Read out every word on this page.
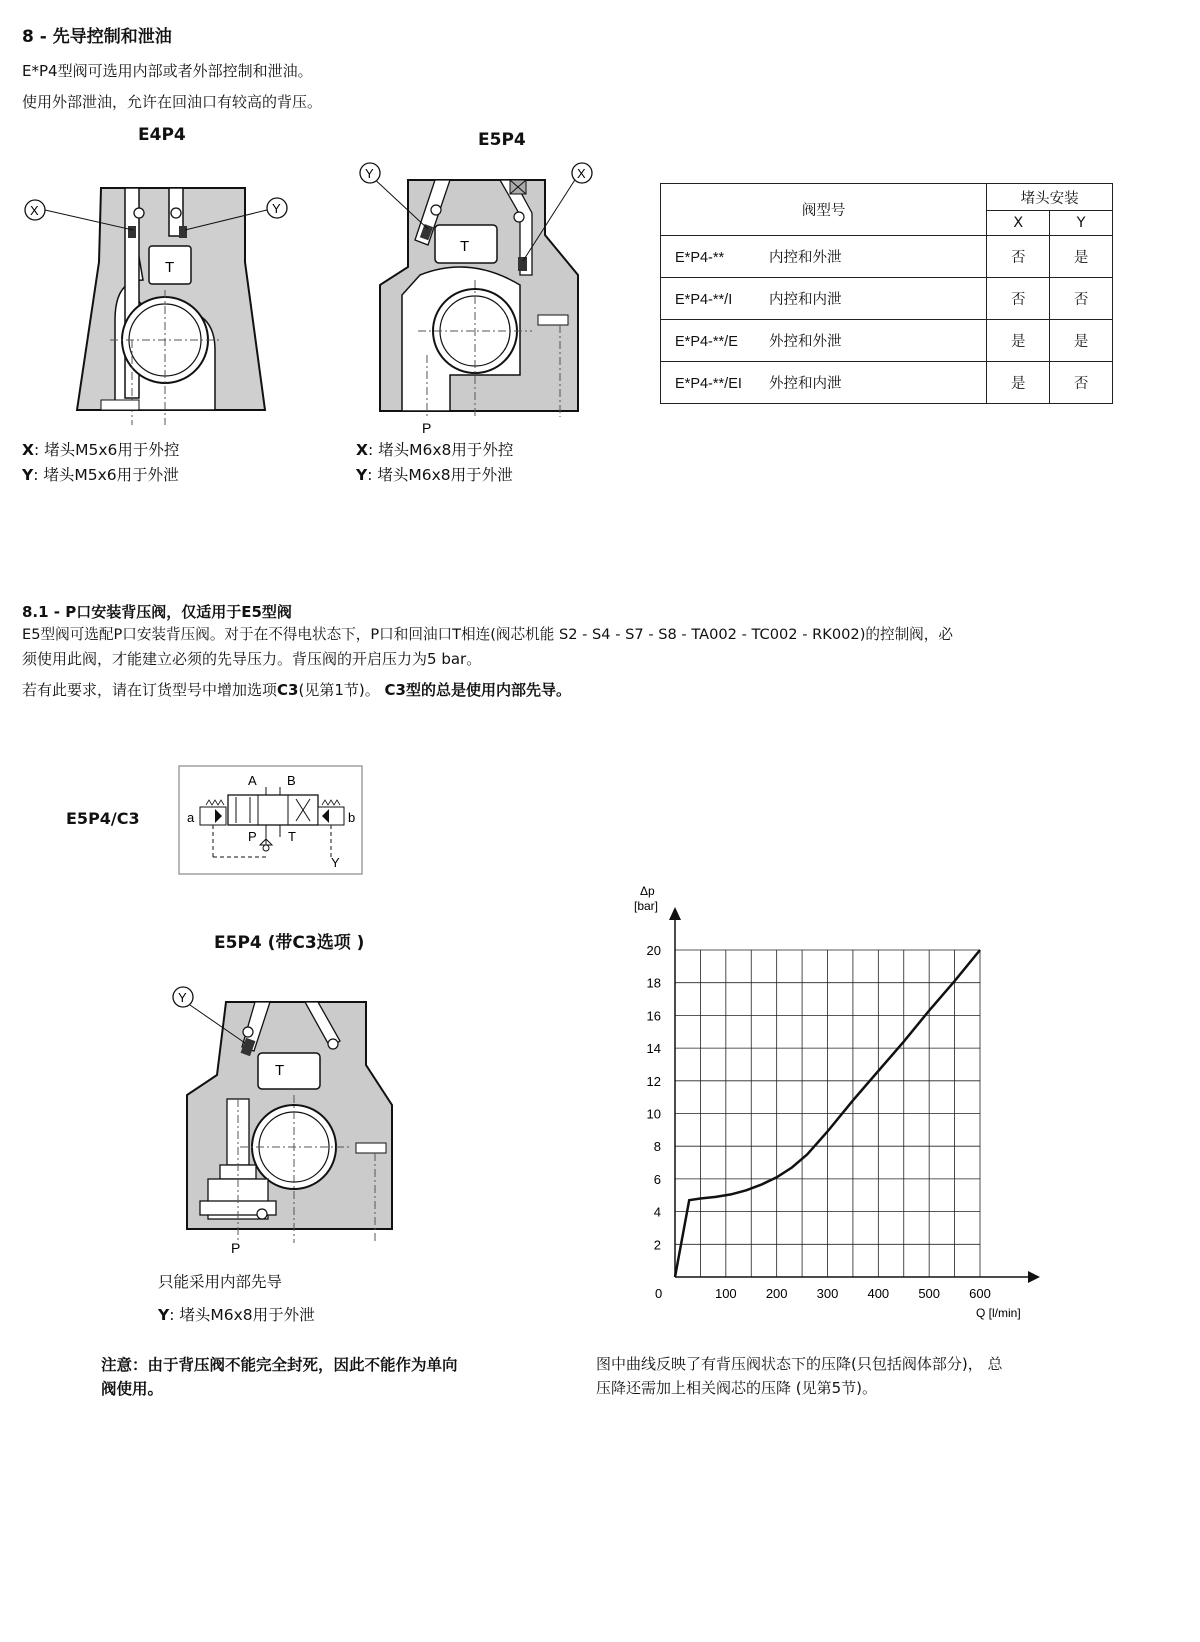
8 - 先导控制和泄油
E*P4型阀可选用内部或者外部控制和泄油。
使用外部泄油，允许在回油口有较高的背压。
E4P4
T
X	Y
X: 堵头M5x6用于外控
Y: 堵头M5x6用于外泄
E5P4
T
Y	X
P
X: 堵头M6x8用于外控
Y: 堵头M6x8用于外泄
阀型号	堵头安装	
	X	Y
E*P4-** 内控和外泄	否	是
E*P4-**/I 内控和内泄	否	否
E*P4-**/E 外控和外泄	是	是
E*P4-**/EI 外控和内泄	是	否
8.1 - P口安装背压阀，仅适用于E5型阀
E5型阀可选配P口安装背压阀。对于在不得电状态下，P口和回油口T相连(阀芯机能 S2 - S4 - S7 - S8 - TA002 - TC002 - RK002)的控制阀，必
须使用此阀，才能建立必须的先导压力。背压阀的开启压力为5 bar。
若有此要求，请在订货型号中增加选项C3(见第1节)。 C3型的总是使用内部先导。
E5P4/C3
A B
a	b
P T
Y
E5P4 (带C3选项 )
T
Y
P
只能采用内部先导
Y: 堵头M6x8用于外泄
注意：由于背压阀不能完全封死，因此不能作为单向
阀使用。
Δp
[bar]
Q [l/min]
0	100 200 300 400 500 600
2
4
6
8
10
12
14
16
18
20
图中曲线反映了有背压阀状态下的压降(只包括阀体部分)， 总
压降还需加上相关阀芯的压降 (见第5节)。
